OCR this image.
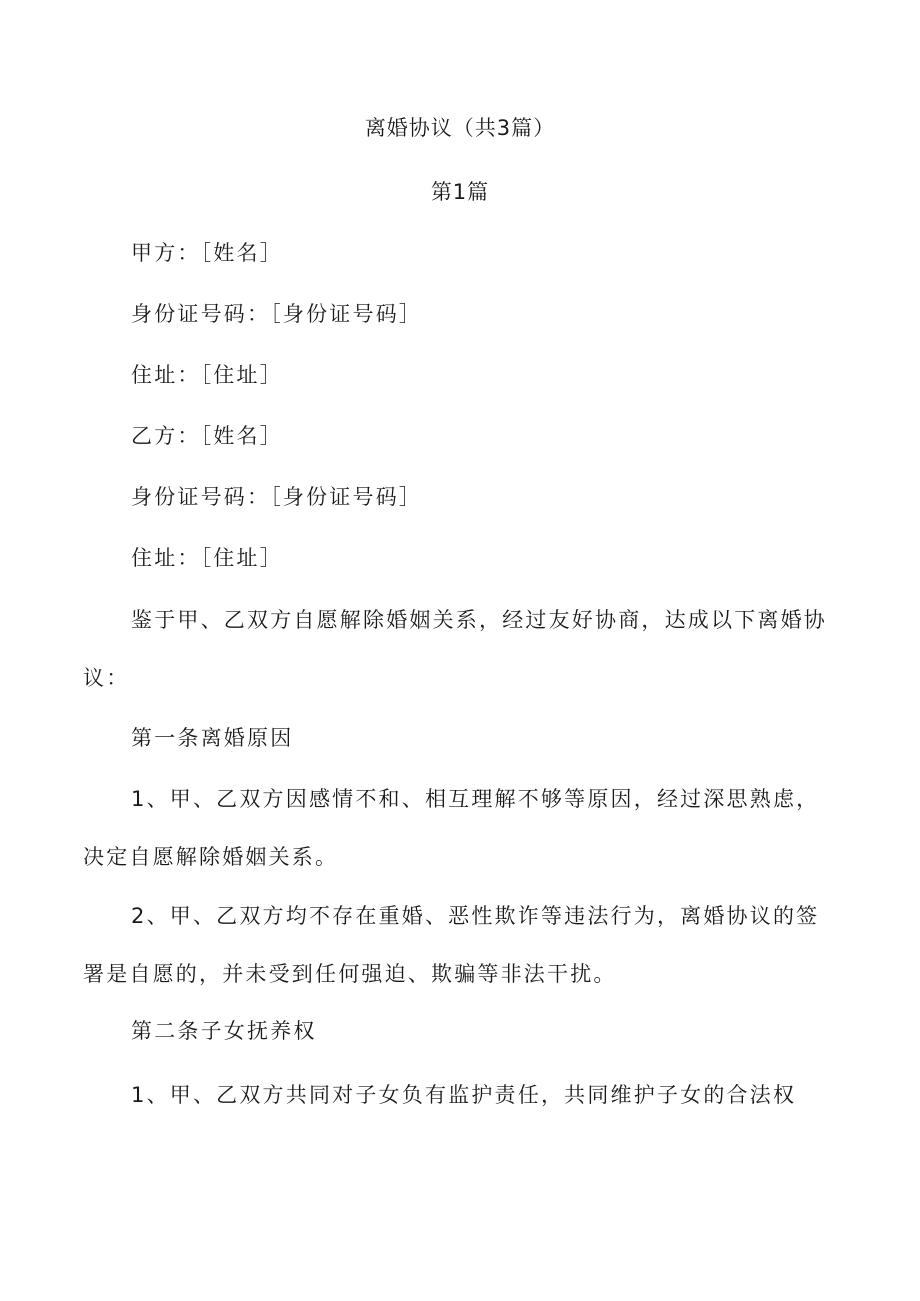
离婚协议（共3篇）
第1篇
甲方：［姓名］
身份证号码：［身份证号码］
住址：［住址］
乙方：［姓名］
身份证号码：［身份证号码］
住址：［住址］

鉴于甲、乙双方自愿解除婚姻关系，经过友好协商，达成以下离婚协议：

第一条离婚原因

1、甲、乙双方因感情不和、相互理解不够等原因，经过深思熟虑，决定自愿解除婚姻关系。

2、甲、乙双方均不存在重婚、恶性欺诈等违法行为，离婚协议的签署是自愿的，并未受到任何强迫、欺骗等非法干扰。

第二条子女抚养权

1、甲、乙双方共同对子女负有监护责任，共同维护子女的合法权
